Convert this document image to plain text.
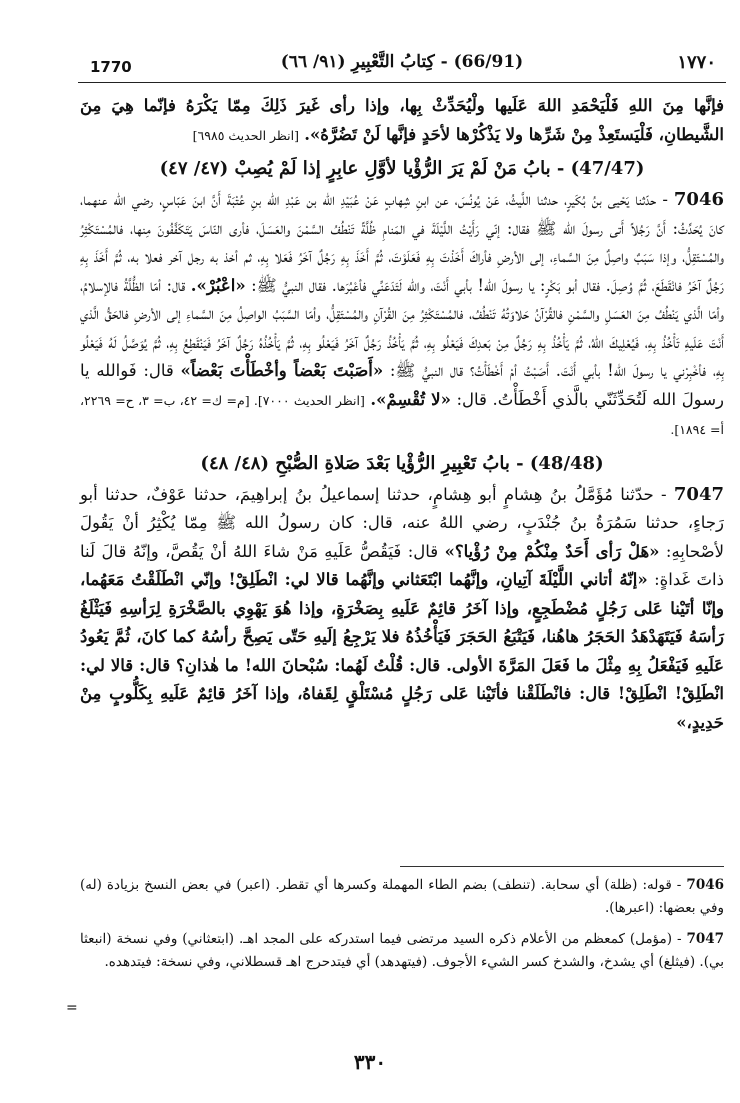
1770	(66/91) - كِتابُ التَّعْبِيرِ (٩١/ ٦٦)	١٧٧٠

فإنَّها مِنَ اللهِ فَلْيَحْمَدِ اللهَ عَلَيها ولْيُحَدِّثْ بِها، وإذا رأى غَيرَ ذَلِكَ مِمّا يَكْرَهُ فإنّما هِيَ مِنَ الشَّيطانِ، فَلْيَستَعِذْ مِنْ شَرِّها ولا يَذْكُرْها لأحَدٍ فإنَّها لَنْ تَضُرَّهُ». [انظر الحديث ٦٩٨٥]

(47/47) - بابُ مَنْ لَمْ يَرَ الرُّؤْيا لأوَّلِ عابِرٍ إذا لَمْ يُصِبْ (٤٧/ ٤٧)

7046 - حدّثنا يَحْيى بنُ بُكَيرٍ، حدثنا اللَّيثُ، عَنْ يُونُسَ، عن ابنِ شِهابٍ عَنْ عُبَيْدِ الله بن عَبْدِ الله بنِ عُتْبَةَ أَنَّ ابنَ عَبّاسٍ، رضي الله عنهما، كانَ يُحَدِّثُ: أَنَّ رَجُلاً أَتى رسولَ الله ﷺ فقال: إنّي رَأَيْتُ اللَّيْلَةَ في المَنامِ ظُلَّةً تَنْطُفُ السَّمْنَ والعَسَلَ، فأرى النّاسَ يَتَكَفَّفُونَ مِنها، فالمُسْتَكْثِرُ والمُسْتَقِلُّ، وإذا سَبَبٌ واصِلٌ مِنَ السَّماءِ، إلى الأرضِ فأراكَ أَخَذْتَ بِهِ فَعَلَوْتَ، ثُمَّ أَخَذَ بِهِ رَجُلٌ آخَرُ فَعَلا بِهِ، ثم أخذ به رجل آخر فعلا به، ثُمَّ أَخَذَ بِهِ رَجُلٌ آخَرُ فانْقَطَعَ، ثُمَّ وُصِلَ. فقال أبو بَكْرٍ: يا رسولَ الله! بأبي أَنْتَ، والله لَتَدَعَنِّي فأعْبُرَها. فقال النبيُّ ﷺ: «اعْبُرْ». قال: أمّا الظُّلَّةُ فالإسلامُ، وأمّا الَّذي يَنْطُفُ مِنَ العَسَلِ والسَّمْنِ فالقُرْآنُ حَلاوَتُهُ تَنْطُفُ، فالمُسْتَكْثِرُ مِنَ القُرْآنِ والمُسْتَقِلُّ، وأمّا السَّبَبُ الواصِلُ مِنَ السَّماءِ إلى الأرضِ فالحَقُّ الَّذي أَنْتَ عَلَيهِ تَأْخُذُ بِهِ، فَيُعْلِيكَ اللهُ، ثُمَّ يَأْخُذُ بِهِ رَجُلٌ مِنْ بَعدِكَ فَيَعْلُو بِهِ، ثُمَّ يَأْخُذُ رَجُلٌ آخَرُ فَيَعْلُو بِهِ، ثُمَّ يَأْخُذُهُ رَجُلٌ آخَرُ فَيَنْقَطِعُ بِهِ، ثُمَّ يُوَصَّلُ لَهُ فَيَعْلُو بِهِ، فأخْبِرْني يا رسولَ الله! بأبي أَنْتَ. أَصَبْتُ أمْ أَخْطَأْتُ؟ قال النبيُّ ﷺ: «أَصَبْتَ بَعْضاً وأخْطَأْتَ بَعْضاً» قال: فَوالله يا رسولَ الله لَتُحَدِّثَنّي بالَّذي أَخْطَأْتُ. قال: «لا تُقْسِمْ». [انظر الحديث ٧٠٠٠]. [م= ك= ٤٢، ب= ٣، ح= ٢٢٦٩، أ= ١٨٩٤].

(48/48) - بابُ تَعْبِيرِ الرُّؤْيا بَعْدَ صَلاةِ الصُّبْحِ (٤٨/ ٤٨)

7047 - حدّثنا مُؤَمَّلُ بنُ هِشامٍ أبو هِشامٍ، حدثنا إسماعيلُ بنُ إبراهِيمَ، حدثنا عَوْفٌ، حدثنا أبو رَجاءٍ، حدثنا سَمُرَةُ بنُ جُنْدَبٍ، رضي اللهُ عنه، قال: كان رسولُ الله ﷺ مِمّا يُكْثِرُ أنْ يَقُولَ لأصْحابِهِ: «هَلْ رَأى أَحَدٌ مِنْكُمْ مِنْ رُؤْيا؟» قال: فَيَقُصُّ عَلَيهِ مَنْ شاءَ اللهُ أنْ يَقُصَّ، وإنّهُ قالَ لَنا ذاتَ غَداةٍ: «إنّهُ أتاني اللَّيْلَةَ آتِيانِ، وإنَّهُما ابْتَعَثاني وإنَّهُما قالا لي: انْطَلِقْ! وإنّي انْطَلَقْتُ مَعَهُما، وإنّا أتَيْنا عَلى رَجُلٍ مُضْطَجِعٍ، وإذا آخَرُ قائِمٌ عَلَيهِ بِصَخْرَةٍ، وإذا هُوَ يَهْوِي بالصَّخْرَةِ لِرَأسِهِ فَيَثْلَغُ رَأسَهُ فَيَتَهَدْهَدُ الحَجَرُ هاهُنا، فَيَتْبَعُ الحَجَرَ فَيَأْخُذُهُ فلا يَرْجِعُ إلَيهِ حَتّى يَصِحَّ رأسُهُ كما كانَ، ثُمَّ يَعُودُ عَلَيهِ فَيَفْعَلُ بِهِ مِثْلَ ما فَعَلَ المَرَّةَ الأولى. قال: قُلْتُ لَهُما: سُبْحانَ الله! ما هٰذانِ؟ قال: قالا لي: انْطَلِقْ! انْطَلِقْ! قال: فانْطَلَقْنا فأتَيْنا عَلى رَجُلٍ مُسْتَلْقٍ لِقَفاهُ، وإذا آخَرُ قائِمٌ عَلَيهِ بِكَلُّوبٍ مِنْ حَدِيدٍ،»

7046 - قوله: (ظلة) أي سحابة. (تنطف) بضم الطاء المهملة وكسرها أي تقطر. (اعبر) في بعض النسخ بزيادة (له) وفي بعضها: (اعبرها).

7047 - (مؤمل) كمعظم من الأعلام ذكره السيد مرتضى فيما استدركه على المجد اهـ. (ابتعثاني) وفي نسخة (انبعثا بي). (فيثلغ) أي يشدخ، والشدخ كسر الشيء الأجوف. (فيتهدهد) أي فيتدحرج اهـ قسطلاني، وفي نسخة: فيتدهده.

=
٣٣٠
